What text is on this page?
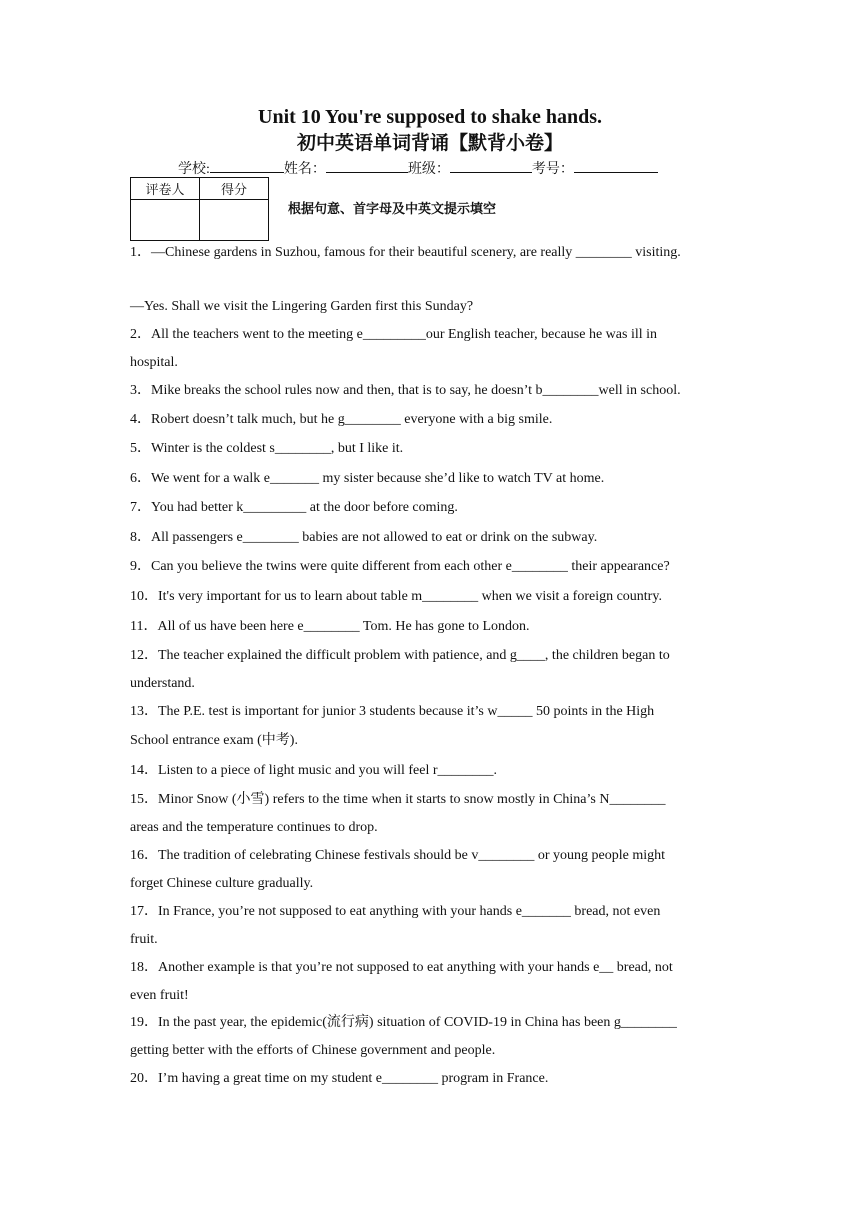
Unit 10 You're supposed to shake hands.
初中英语单词背诵【默背小卷】
学校:	姓名：	班级：	考号：
评卷人	得分

根据句意、首字母及中英文提示填空
1．—Chinese gardens in Suzhou, famous for their beautiful scenery, are really ________ visiting.
—Yes. Shall we visit the Lingering Garden first this Sunday?
2．All the teachers went to the meeting e_________our English teacher, because he was ill in
hospital.
3．Mike breaks the school rules now and then, that is to say, he doesn’t b________well in school.
4．Robert doesn’t talk much, but he g________ everyone with a big smile.
5．Winter is the coldest s________, but I like it.
6．We went for a walk e_______ my sister because she’d like to watch TV at home.
7．You had better k_________ at the door before coming.
8．All passengers e________ babies are not allowed to eat or drink on the subway.
9．Can you believe the twins were quite different from each other e________ their appearance?
10．It's very important for us to learn about table m________ when we visit a foreign country.
11．All of us have been here e________ Tom. He has gone to London.
12．The teacher explained the difficult problem with patience, and g____, the children began to
understand.
13．The P.E. test is important for junior 3 students because it’s w_____ 50 points in the High
School entrance exam (中考).
14．Listen to a piece of light music and you will feel r________.
15．Minor Snow (小雪) refers to the time when it starts to snow mostly in China’s N________
areas and the temperature continues to drop.
16．The tradition of celebrating Chinese festivals should be v________ or young people might
forget Chinese culture gradually.
17．In France, you’re not supposed to eat anything with your hands e_______ bread, not even
fruit.
18．Another example is that you’re not supposed to eat anything with your hands e__ bread, not
even fruit!
19．In the past year, the epidemic(流行病) situation of COVID-19 in China has been g________
getting better with the efforts of Chinese government and people.
20．I’m having a great time on my student e________ program in France.
